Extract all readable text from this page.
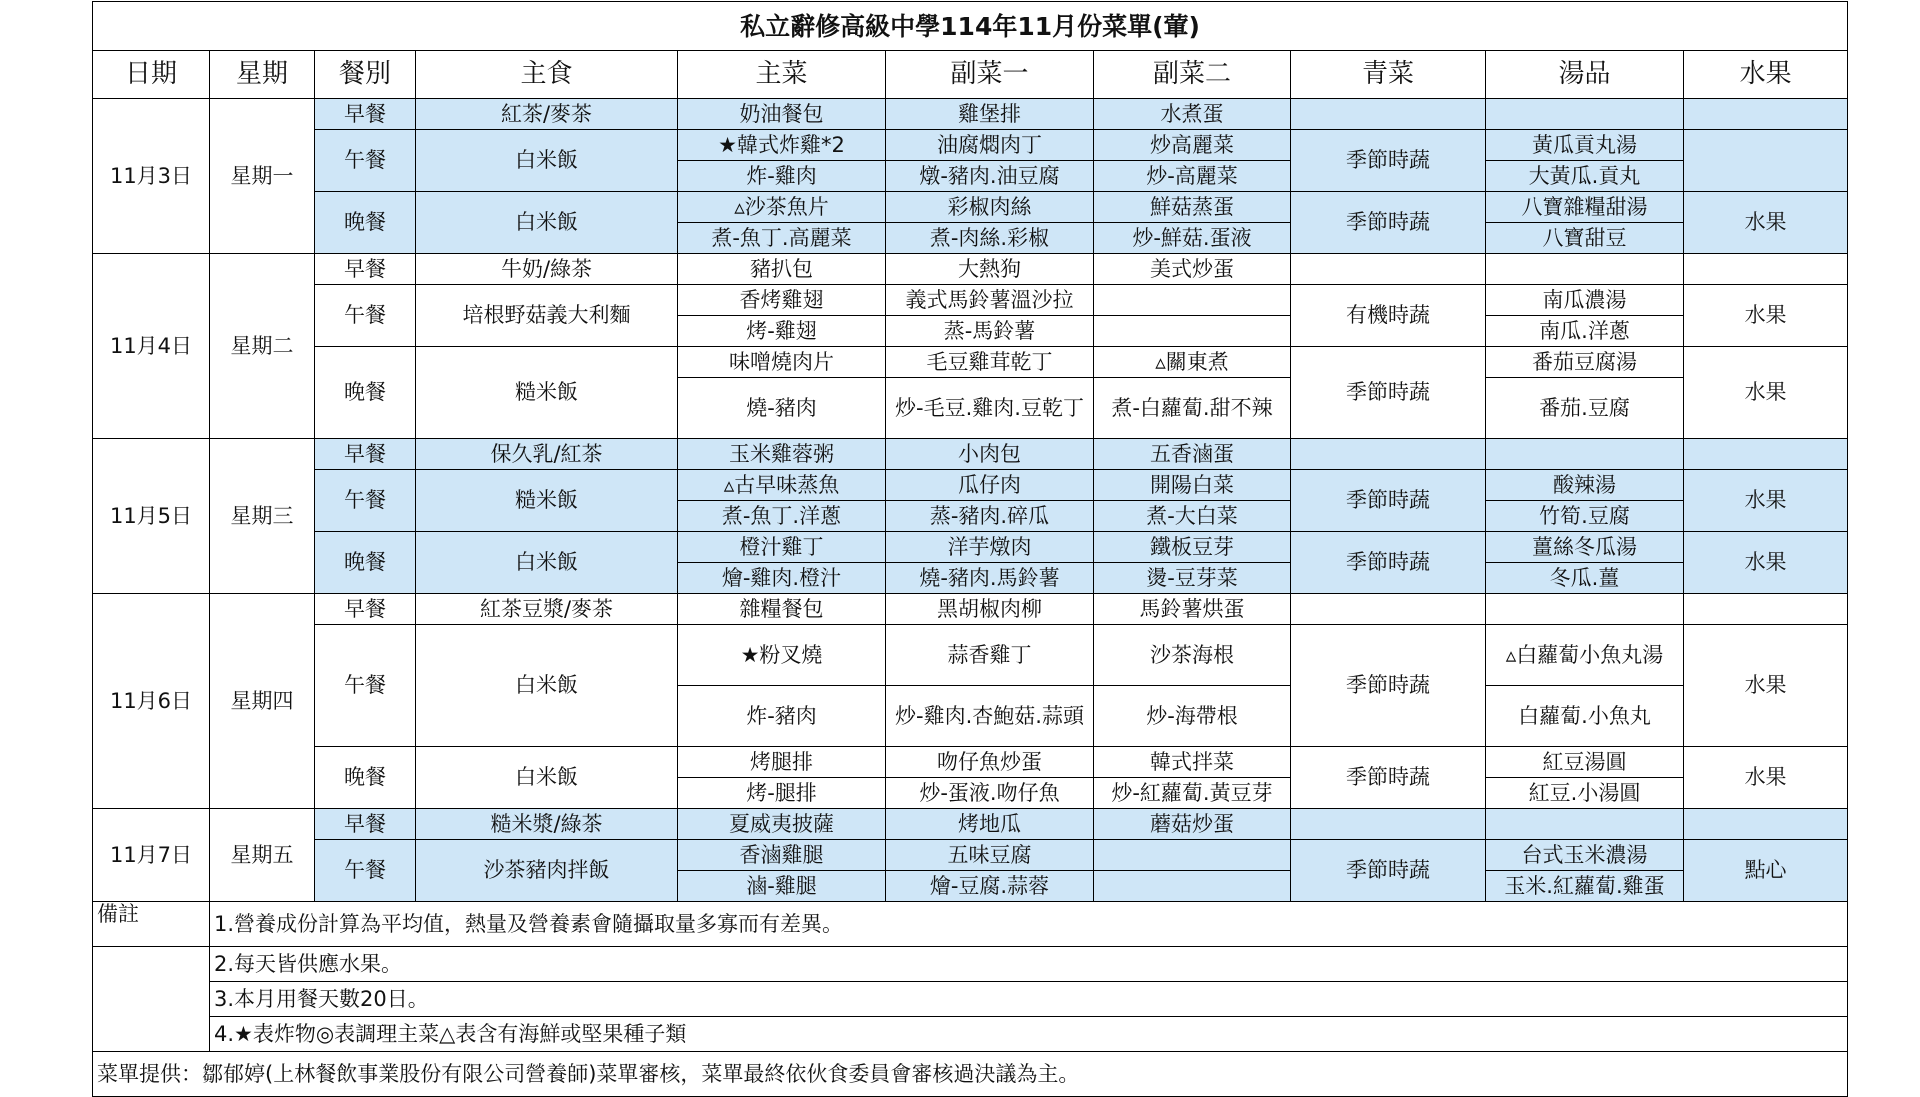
私立辭修高級中學114年11月份菜單(葷)									
日期	星期	餐別	主食	主菜	副菜一	副菜二	青菜	湯品	水果
11月3日	星期一	早餐	紅茶/麥茶	奶油餐包	雞堡排	水煮蛋			
		午餐	白米飯	★韓式炸雞*2	油腐燜肉丁	炒高麗菜	季節時蔬	黃瓜貢丸湯	
				炸-雞肉	燉-豬肉.油豆腐	炒-高麗菜		大黃瓜.貢丸	
		晚餐	白米飯	▵沙茶魚片	彩椒肉絲	鮮菇蒸蛋	季節時蔬	八寶雜糧甜湯	水果
				煮-魚丁.高麗菜	煮-肉絲.彩椒	炒-鮮菇.蛋液		八寶甜豆	
11月4日	星期二	早餐	牛奶/綠茶	豬扒包	大熱狗	美式炒蛋			
		午餐	培根野菇義大利麵	香烤雞翅	義式馬鈴薯溫沙拉		有機時蔬	南瓜濃湯	水果
				烤-雞翅	蒸-馬鈴薯			南瓜.洋蔥	
		晚餐	糙米飯	味噌燒肉片	毛豆雞茸乾丁	▵關東煮	季節時蔬	番茄豆腐湯	水果
				燒-豬肉	炒-毛豆.雞肉.豆乾丁	煮-白蘿蔔.甜不辣		番茄.豆腐	
11月5日	星期三	早餐	保久乳/紅茶	玉米雞蓉粥	小肉包	五香滷蛋			
		午餐	糙米飯	▵古早味蒸魚	瓜仔肉	開陽白菜	季節時蔬	酸辣湯	水果
				煮-魚丁.洋蔥	蒸-豬肉.碎瓜	煮-大白菜		竹筍.豆腐	
		晚餐	白米飯	橙汁雞丁	洋芋燉肉	鐵板豆芽	季節時蔬	薑絲冬瓜湯	水果
				燴-雞肉.橙汁	燒-豬肉.馬鈴薯	燙-豆芽菜		冬瓜.薑	
11月6日	星期四	早餐	紅茶豆漿/麥茶	雜糧餐包	黑胡椒肉柳	馬鈴薯烘蛋			
		午餐	白米飯	★粉叉燒	蒜香雞丁	沙茶海根	季節時蔬	▵白蘿蔔小魚丸湯	水果
				炸-豬肉	炒-雞肉.杏鮑菇.蒜頭	炒-海帶根		白蘿蔔.小魚丸	
		晚餐	白米飯	烤腿排	吻仔魚炒蛋	韓式拌菜	季節時蔬	紅豆湯圓	水果
				烤-腿排	炒-蛋液.吻仔魚	炒-紅蘿蔔.黃豆芽		紅豆.小湯圓	
11月7日	星期五	早餐	糙米漿/綠茶	夏威夷披薩	烤地瓜	蘑菇炒蛋			
		午餐	沙茶豬肉拌飯	香滷雞腿	五味豆腐		季節時蔬	台式玉米濃湯	點心
				滷-雞腿	燴-豆腐.蒜蓉			玉米.紅蘿蔔.雞蛋	
備註	1.營養成份計算為平均值，熱量及營養素會隨攝取量多寡而有差異。								
	2.每天皆供應水果。								
	3.本月用餐天數20日。								
	4.★表炸物◎表調理主菜△表含有海鮮或堅果種子類								
菜單提供：鄒郁婷(上林餐飲事業股份有限公司營養師)菜單審核，菜單最終依伙食委員會審核過決議為主。									
